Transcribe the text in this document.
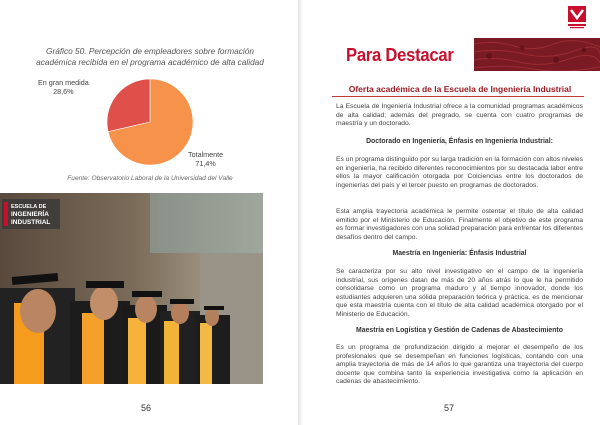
Gráfico 50. Percepción de empleadores sobre formación académica recibida en el programa académico de alta calidad
En gran medida
28,6%
Totalmente
71,4%
Fuente: Observatorio Laboral de la Universidad del Valle
ESCUELA DE
INGENIERÍA
INDUSTRIAL
56
Para Destacar
Oferta académica de la Escuela de Ingeniería Industrial
La Escuela de Ingeniería Industrial ofrece a la comunidad programas académicos de alta calidad; además del pregrado, se cuenta con cuatro programas de maestría y un doctorado.
Doctorado en Ingeniería, Énfasis en Ingeniería Industrial:
Es un programa distinguido por su larga tradición en la formación con altos niveles en ingeniería, ha recibido diferentes reconocimientos por su destacada labor entre ellos la mayor calificación otorgada por Colciencias entre los doctorados de ingenierías del país y el tercer puesto en programas de doctorados.
Esta amplia trayectoria académica le permite ostentar el título de alta calidad emitido por el Ministerio de Educación. Finalmente el objetivo de este programa es formar investigadores con una solidad preparación para enfrentar los diferentes desafíos dentro del campo.
Maestría en Ingeniería: Énfasis Industrial
Se caracteriza por su alto nivel investigativo en el campo de la ingeniería industrial, sus orígenes datan de más de 20 años atrás lo que le ha permitido consolidarse como un programa maduro y al tiempo innovador, donde los estudiantes adquieren una sólida preparación teórica y práctica, es de mencionar que esta maestría cuenta con el título de alta calidad académica otorgado por el Ministerio de Educación.
Maestría en Logística y Gestión de Cadenas de Abastecimiento
Es un programa de profundización dirigido a mejorar el desempeño de los profesionales que se desempeñan en funciones logísticas, contando con una amplia trayectoria de más de 14 años lo que garantiza una trayectoria del cuerpo docente que combina tanto la experiencia investigativa como la aplicación en cadenas de abastecimiento.
57
